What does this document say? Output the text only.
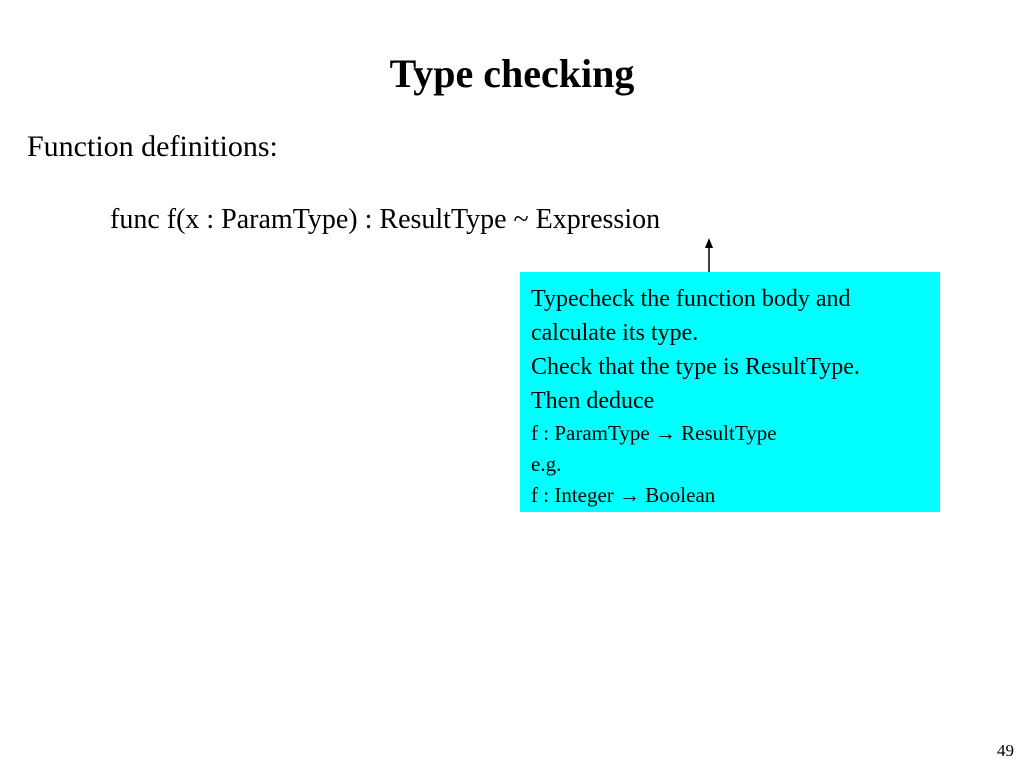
Type checking
Function definitions:
func f(x : ParamType) : ResultType ~ Expression
Typecheck the function body and
calculate its type.
Check that the type is ResultType.
Then deduce
f : ParamType → ResultType
e.g.
f : Integer → Boolean
49
